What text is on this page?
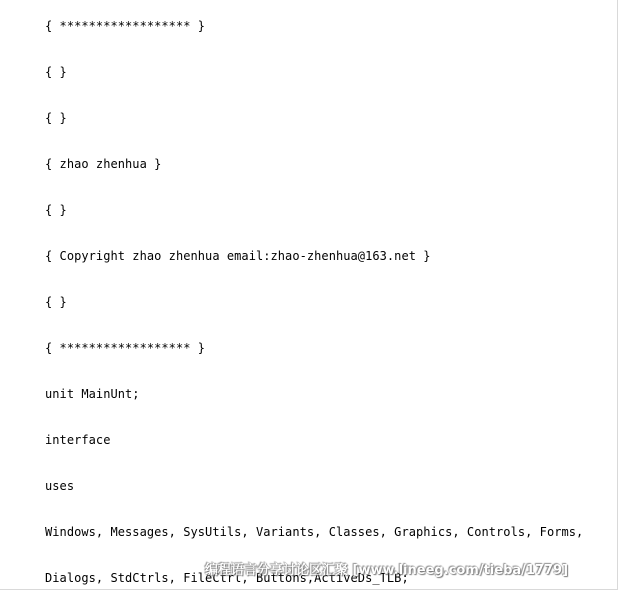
{ ****************** }
{ }
{ }
{ zhao zhenhua }
{ }
{ Copyright zhao zhenhua email:zhao-zhenhua@163.net }
{ }
{ ****************** }
unit MainUnt;
interface
uses
Windows, Messages, SysUtils, Variants, Classes, Graphics, Controls, Forms,
Dialogs, StdCtrls, FileCtrl, Buttons,ActiveDs_TLB;
编程语言分享讨论区汇聚 [www.lineeg.com/tieba/1779]
